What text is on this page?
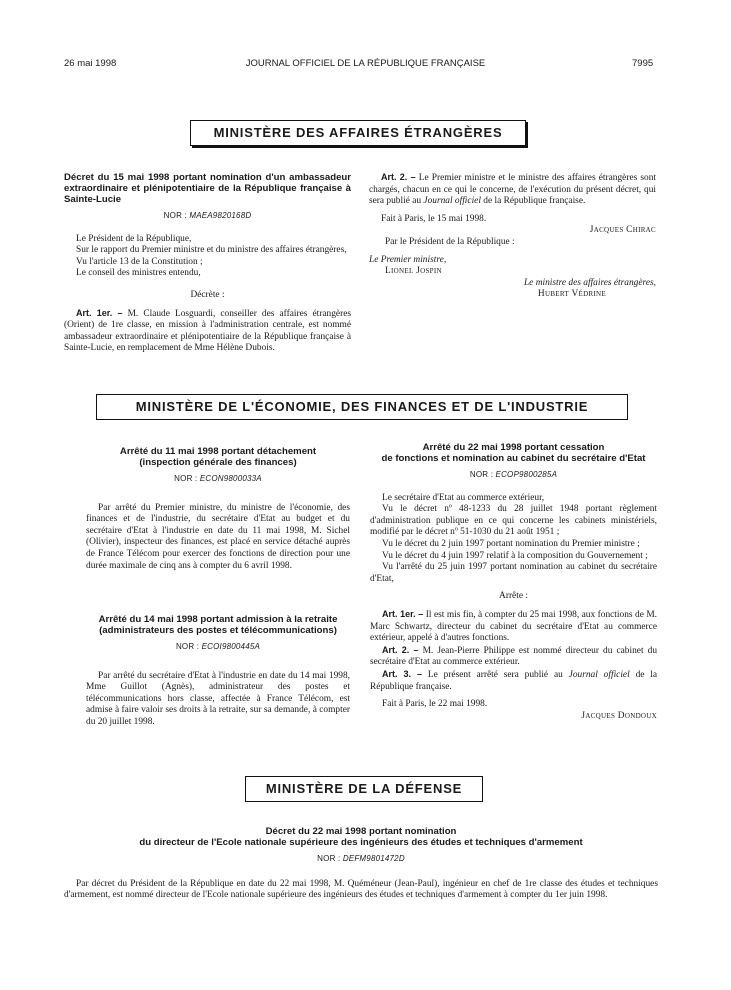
26 mai 1998	JOURNAL OFFICIEL DE LA RÉPUBLIQUE FRANÇAISE	7995
MINISTÈRE DES AFFAIRES ÉTRANGÈRES
Décret du 15 mai 1998 portant nomination d'un ambassadeur extraordinaire et plénipotentiaire de la République française à Sainte-Lucie
NOR : MAEA9820168D

Le Président de la République,

Sur le rapport du Premier ministre et du ministre des affaires étrangères,

Vu l'article 13 de la Constitution ;

Le conseil des ministres entendu,

Décrète :

Art. 1er. – M. Claude Losguardi, conseiller des affaires étrangères (Orient) de 1re classe, en mission à l'administration centrale, est nommé ambassadeur extraordinaire et plénipotentiaire de la République française à Sainte-Lucie, en remplacement de Mme Hélène Dubois.

Art. 2. – Le Premier ministre et le ministre des affaires étrangères sont chargés, chacun en ce qui le concerne, de l'exécution du présent décret, qui sera publié au Journal officiel de la République française.

Fait à Paris, le 15 mai 1998.

Jacques Chirac

Par le Président de la République :

Le Premier ministre,

Lionel Jospin

Le ministre des affaires étrangères,

Hubert Védrine

MINISTÈRE DE L'ÉCONOMIE, DES FINANCES ET DE L'INDUSTRIE
Arrêté du 11 mai 1998 portant détachement
(inspection générale des finances)
NOR : ECON9800033A

Par arrêté du Premier ministre, du ministre de l'économie, des finances et de l'industrie, du secrétaire d'Etat au budget et du secrétaire d'Etat à l'industrie en date du 11 mai 1998, M. Sichel (Olivier), inspecteur des finances, est placé en service détaché auprès de France Télécom pour exercer des fonctions de direction pour une durée maximale de cinq ans à compter du 6 avril 1998.

Arrêté du 14 mai 1998 portant admission à la retraite
(administrateurs des postes et télécommunications)
NOR : ECOI9800445A

Par arrêté du secrétaire d'Etat à l'industrie en date du 14 mai 1998, Mme Guillot (Agnès), administrateur des postes et télécommunications hors classe, affectée à France Télécom, est admise à faire valoir ses droits à la retraite, sur sa demande, à compter du 20 juillet 1998.

Arrêté du 22 mai 1998 portant cessation
de fonctions et nomination au cabinet du secrétaire d'Etat
NOR : ECOP9800285A

Le secrétaire d'Etat au commerce extérieur,

Vu le décret nº 48-1233 du 28 juillet 1948 portant règlement d'administration publique en ce qui concerne les cabinets ministériels, modifié par le décret nº 51-1030 du 21 août 1951 ;

Vu le décret du 2 juin 1997 portant nomination du Premier ministre ;

Vu le décret du 4 juin 1997 relatif à la composition du Gouvernement ;

Vu l'arrêté du 25 juin 1997 portant nomination au cabinet du secrétaire d'Etat,

Arrête :

Art. 1er. – Il est mis fin, à compter du 25 mai 1998, aux fonctions de M. Marc Schwartz, directeur du cabinet du secrétaire d'Etat au commerce extérieur, appelé à d'autres fonctions.

Art. 2. – M. Jean-Pierre Philippe est nommé directeur du cabinet du secrétaire d'Etat au commerce extérieur.

Art. 3. – Le présent arrêté sera publié au Journal officiel de la République française.

Fait à Paris, le 22 mai 1998.

Jacques Dondoux

MINISTÈRE DE LA DÉFENSE
Décret du 22 mai 1998 portant nomination
du directeur de l'Ecole nationale supérieure des ingénieurs des études et techniques d'armement
NOR : DEFM9801472D

Par décret du Président de la République en date du 22 mai 1998, M. Quéméneur (Jean-Paul), ingénieur en chef de 1re classe des études et techniques d'armement, est nommé directeur de l'Ecole nationale supérieure des ingénieurs des études et techniques d'armement à compter du 1er juin 1998.
